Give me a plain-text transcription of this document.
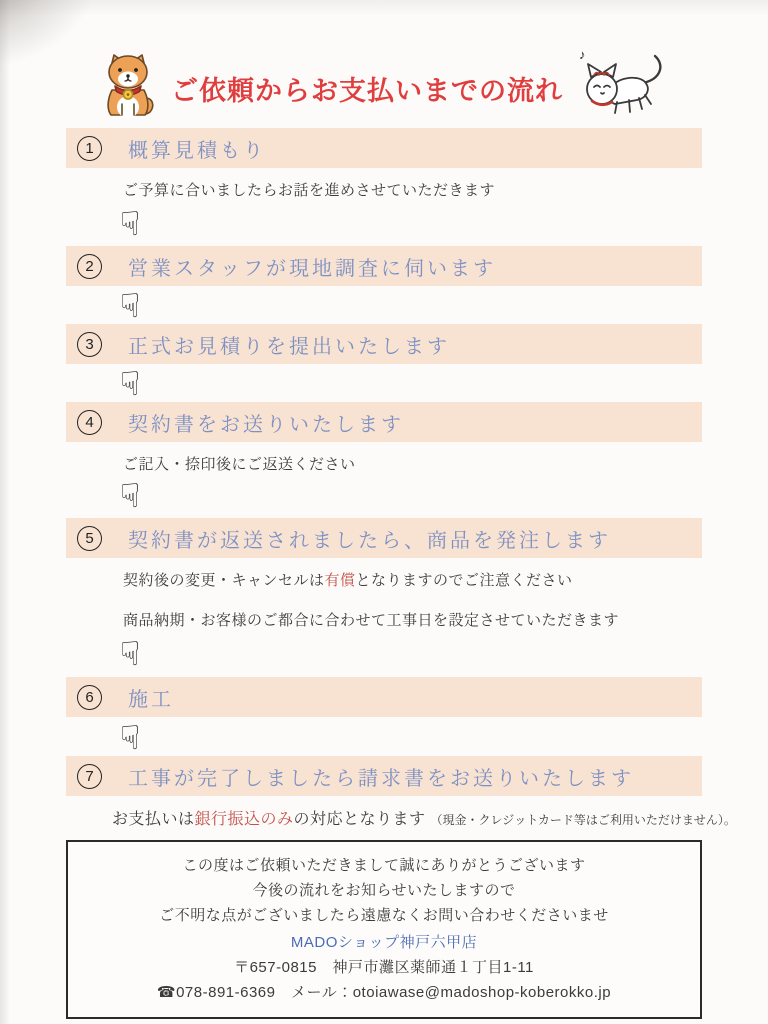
ご依頼からお支払いまでの流れ
♪
1	概算見積もり

ご予算に合いましたらお話を進めさせていただきます

☟
2	営業スタッフが現地調査に伺います
☟
3	正式お見積りを提出いたします
☟
4	契約書をお送りいたします

ご記入・捺印後にご返送ください

☟
5	契約書が返送されましたら、商品を発注します

契約後の変更・キャンセルは有償となりますのでご注意ください

商品納期・お客様のご都合に合わせて工事日を設定させていただきます

☟
6	施工
☟
7	工事が完了しましたら請求書をお送りいたします

お支払いは銀行振込のみの対応となります （現金・クレジットカード等はご利用いただけません）。

この度はご依頼いただきまして誠にありがとうございます

今後の流れをお知らせいたしますので

ご不明な点がございましたら遠慮なくお問い合わせくださいませ

MADOショップ神戸六甲店

〒657-0815　神戸市灘区薬師通１丁目1-11

☎078-891-6369　 メール：otoiawase@madoshop-koberokko.jp
